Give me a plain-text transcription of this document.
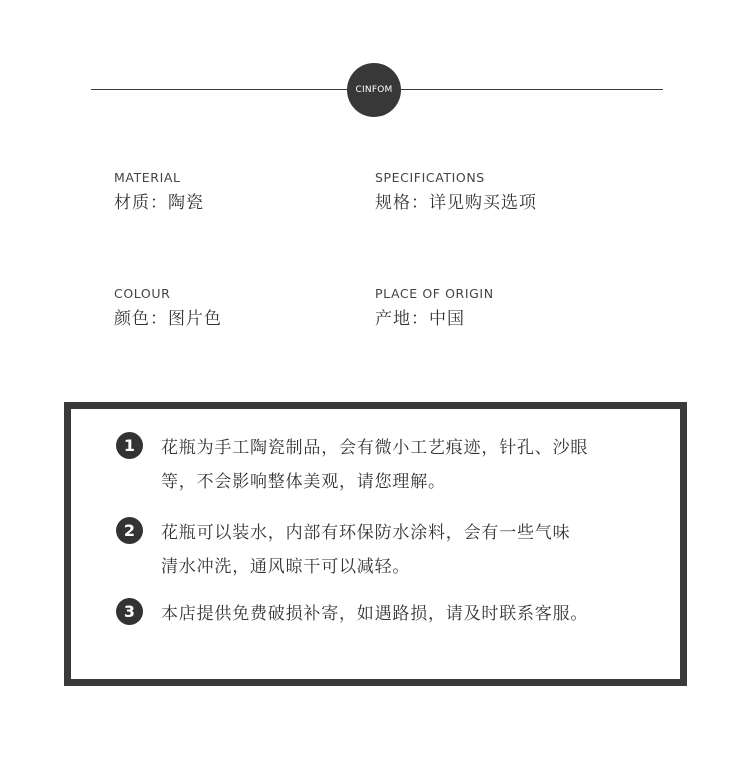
CINFOM
MATERIAL
材质：陶瓷
SPECIFICATIONS
规格：详见购买选项
COLOUR
颜色：图片色
PLACE OF ORIGIN
产地：中国
1	花瓶为手工陶瓷制品，会有微小工艺痕迹，针孔、沙眼
等，不会影响整体美观，请您理解。
2	花瓶可以装水，内部有环保防水涂料，会有一些气味
清水冲洗，通风晾干可以减轻。
3	本店提供免费破损补寄，如遇路损，请及时联系客服。
